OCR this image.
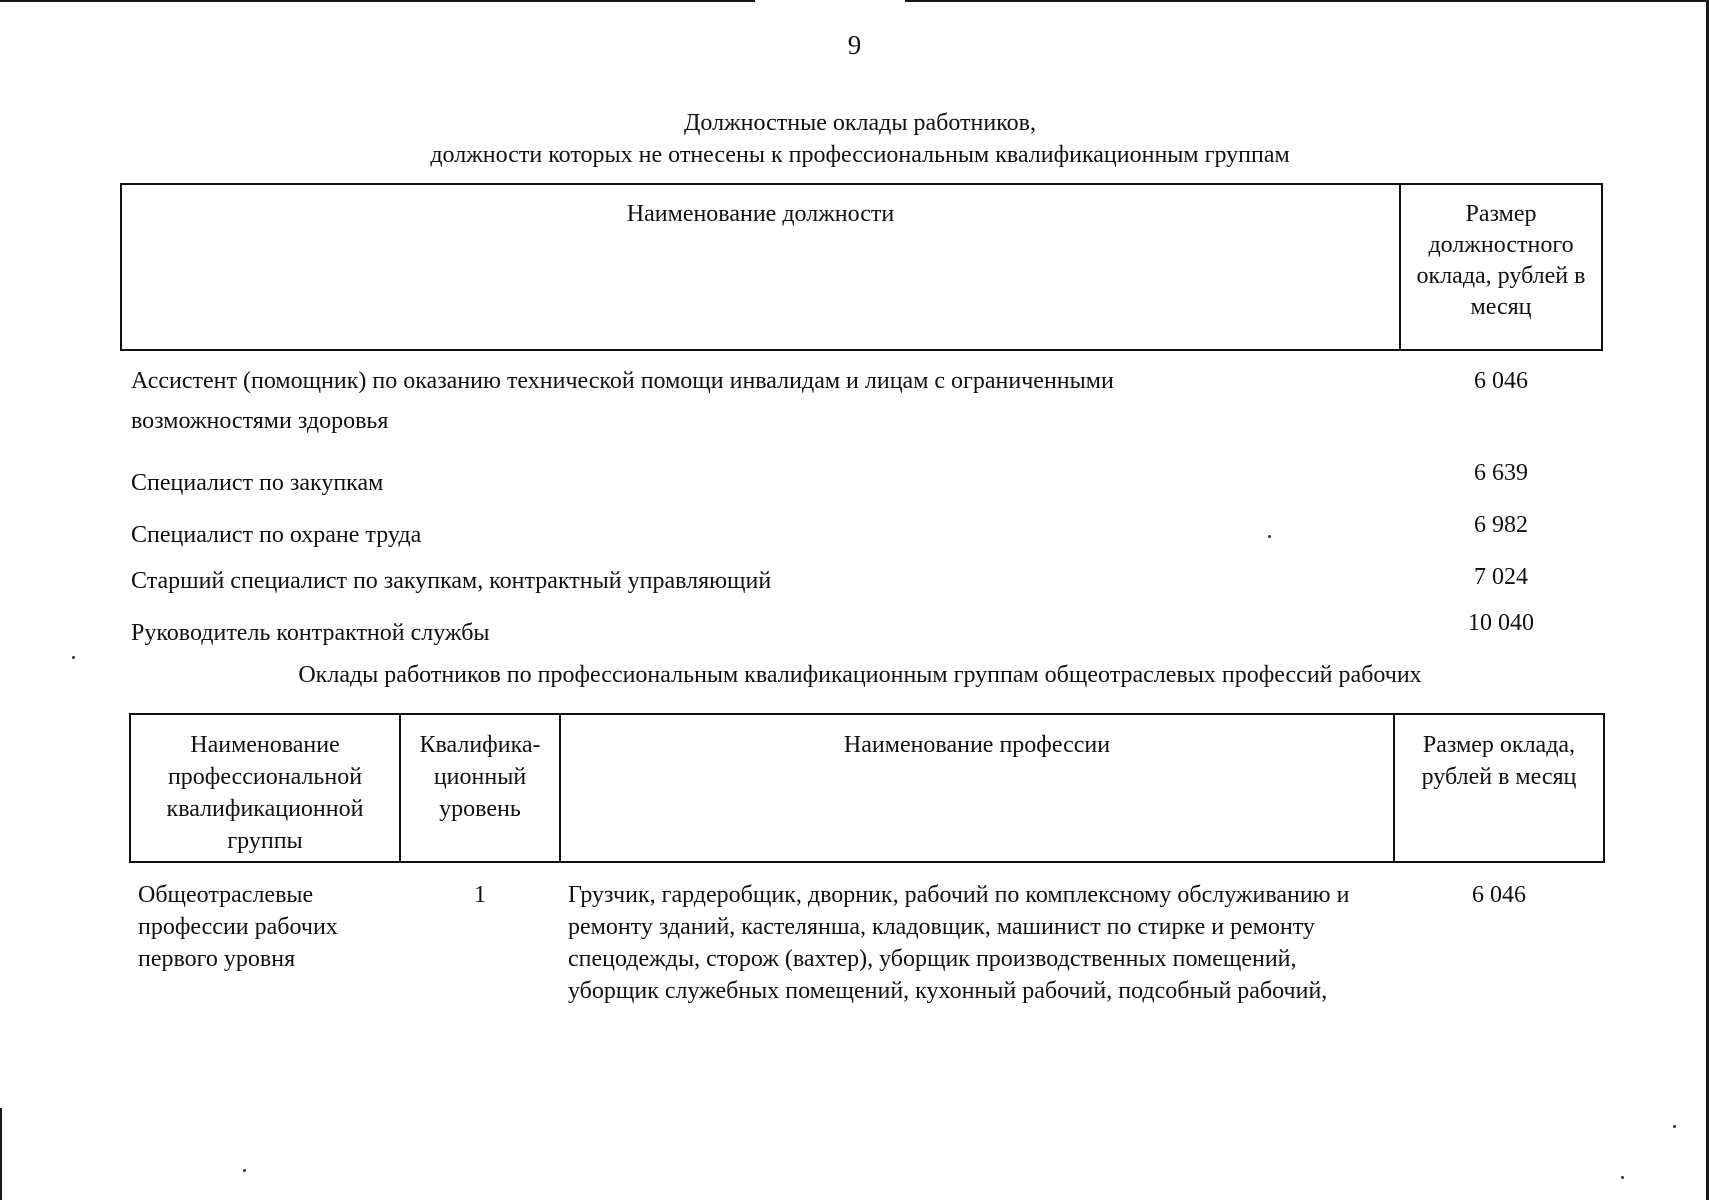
9
Должностные оклады работников,
должности которых не отнесены к профессиональным квалификационным группам
Наименование должности	Размер должностного оклада, рублей в месяц
Ассистент (помощник) по оказанию технической помощи инвалидам и лицам с ограниченными возможностями здоровья	6 046
Специалист по закупкам	6 639
Специалист по охране труда	6 982
Старший специалист по закупкам, контрактный управляющий	7 024
Руководитель контрактной службы	10 040
Оклады работников по профессиональным квалификационным группам общеотраслевых профессий рабочих
Наименование профессиональной квалификационной группы	Квалифика-ционный уровень	Наименование профессии	Размер оклада, рублей в месяц
Общеотраслевые профессии рабочих первого уровня	1	Грузчик, гардеробщик, дворник, рабочий по комплексному обслуживанию и ремонту зданий, кастелянша, кладовщик, машинист по стирке и ремонту спецодежды, сторож (вахтер), уборщик производственных помещений, уборщик служебных помещений, кухонный рабочий, подсобный рабочий,	6 046
